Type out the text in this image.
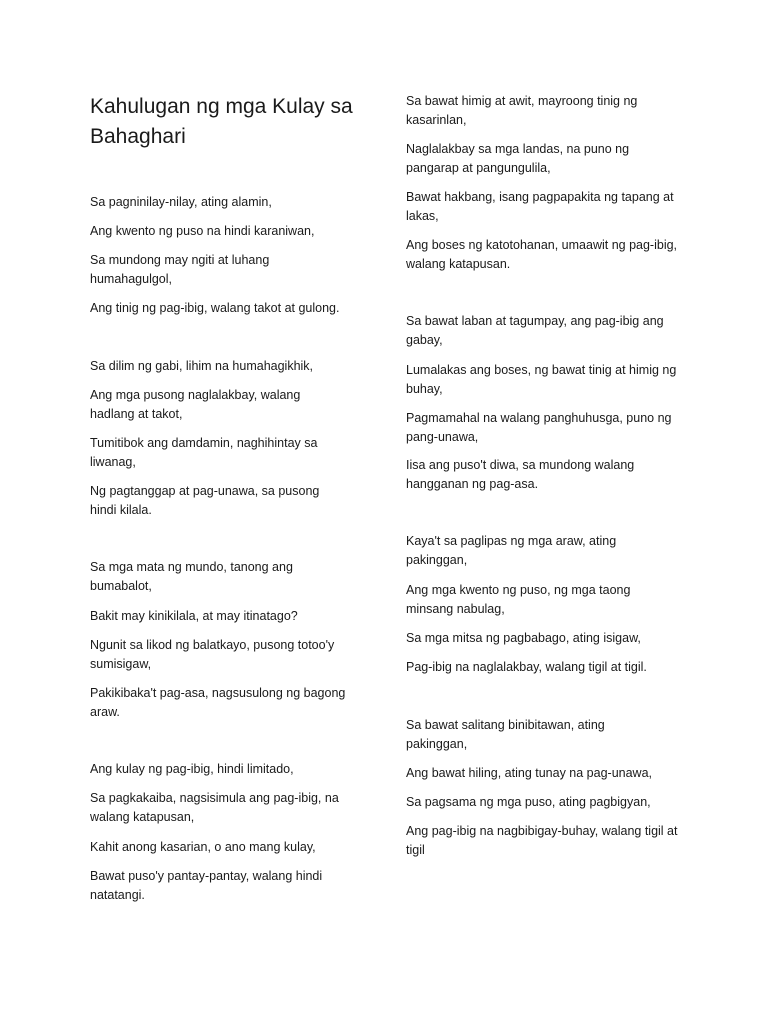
Kahulugan ng mga Kulay sa Bahaghari

Sa pagninilay-nilay, ating alamin,

Ang kwento ng puso na hindi karaniwan,

Sa mundong may ngiti at luhang humahagulgol,

Ang tinig ng pag-ibig, walang takot at gulong.

Sa dilim ng gabi, lihim na humahagikhik,

Ang mga pusong naglalakbay, walang hadlang at takot,

Tumitibok ang damdamin, naghihintay sa liwanag,

Ng pagtanggap at pag-unawa, sa pusong hindi kilala.

Sa mga mata ng mundo, tanong ang bumabalot,

Bakit may kinikilala, at may itinatago?

Ngunit sa likod ng balatkayo, pusong totoo'y sumisigaw,

Pakikibaka't pag-asa, nagsusulong ng bagong araw.

Ang kulay ng pag-ibig, hindi limitado,

Sa pagkakaiba, nagsisimula ang pag-ibig, na walang katapusan,

Kahit anong kasarian, o ano mang kulay,

Bawat puso'y pantay-pantay, walang hindi natatangi.

Sa bawat himig at awit, mayroong tinig ng kasarinlan,

Naglalakbay sa mga landas, na puno ng pangarap at pangungulila,

Bawat hakbang, isang pagpapakita ng tapang at lakas,

Ang boses ng katotohanan, umaawit ng pag-ibig, walang katapusan.

Sa bawat laban at tagumpay, ang pag-ibig ang gabay,

Lumalakas ang boses, ng bawat tinig at himig ng buhay,

Pagmamahal na walang panghuhusga, puno ng pang-unawa,

Iisa ang puso't diwa, sa mundong walang hangganan ng pag-asa.

Kaya't sa paglipas ng mga araw, ating pakinggan,

Ang mga kwento ng puso, ng mga taong minsang nabulag,

Sa mga mitsa ng pagbabago, ating isigaw,

Pag-ibig na naglalakbay, walang tigil at tigil.

Sa bawat salitang binibitawan, ating pakinggan,

Ang bawat hiling, ating tunay na pag-unawa,

Sa pagsama ng mga puso, ating pagbigyan,

Ang pag-ibig na nagbibigay-buhay, walang tigil at tigil
